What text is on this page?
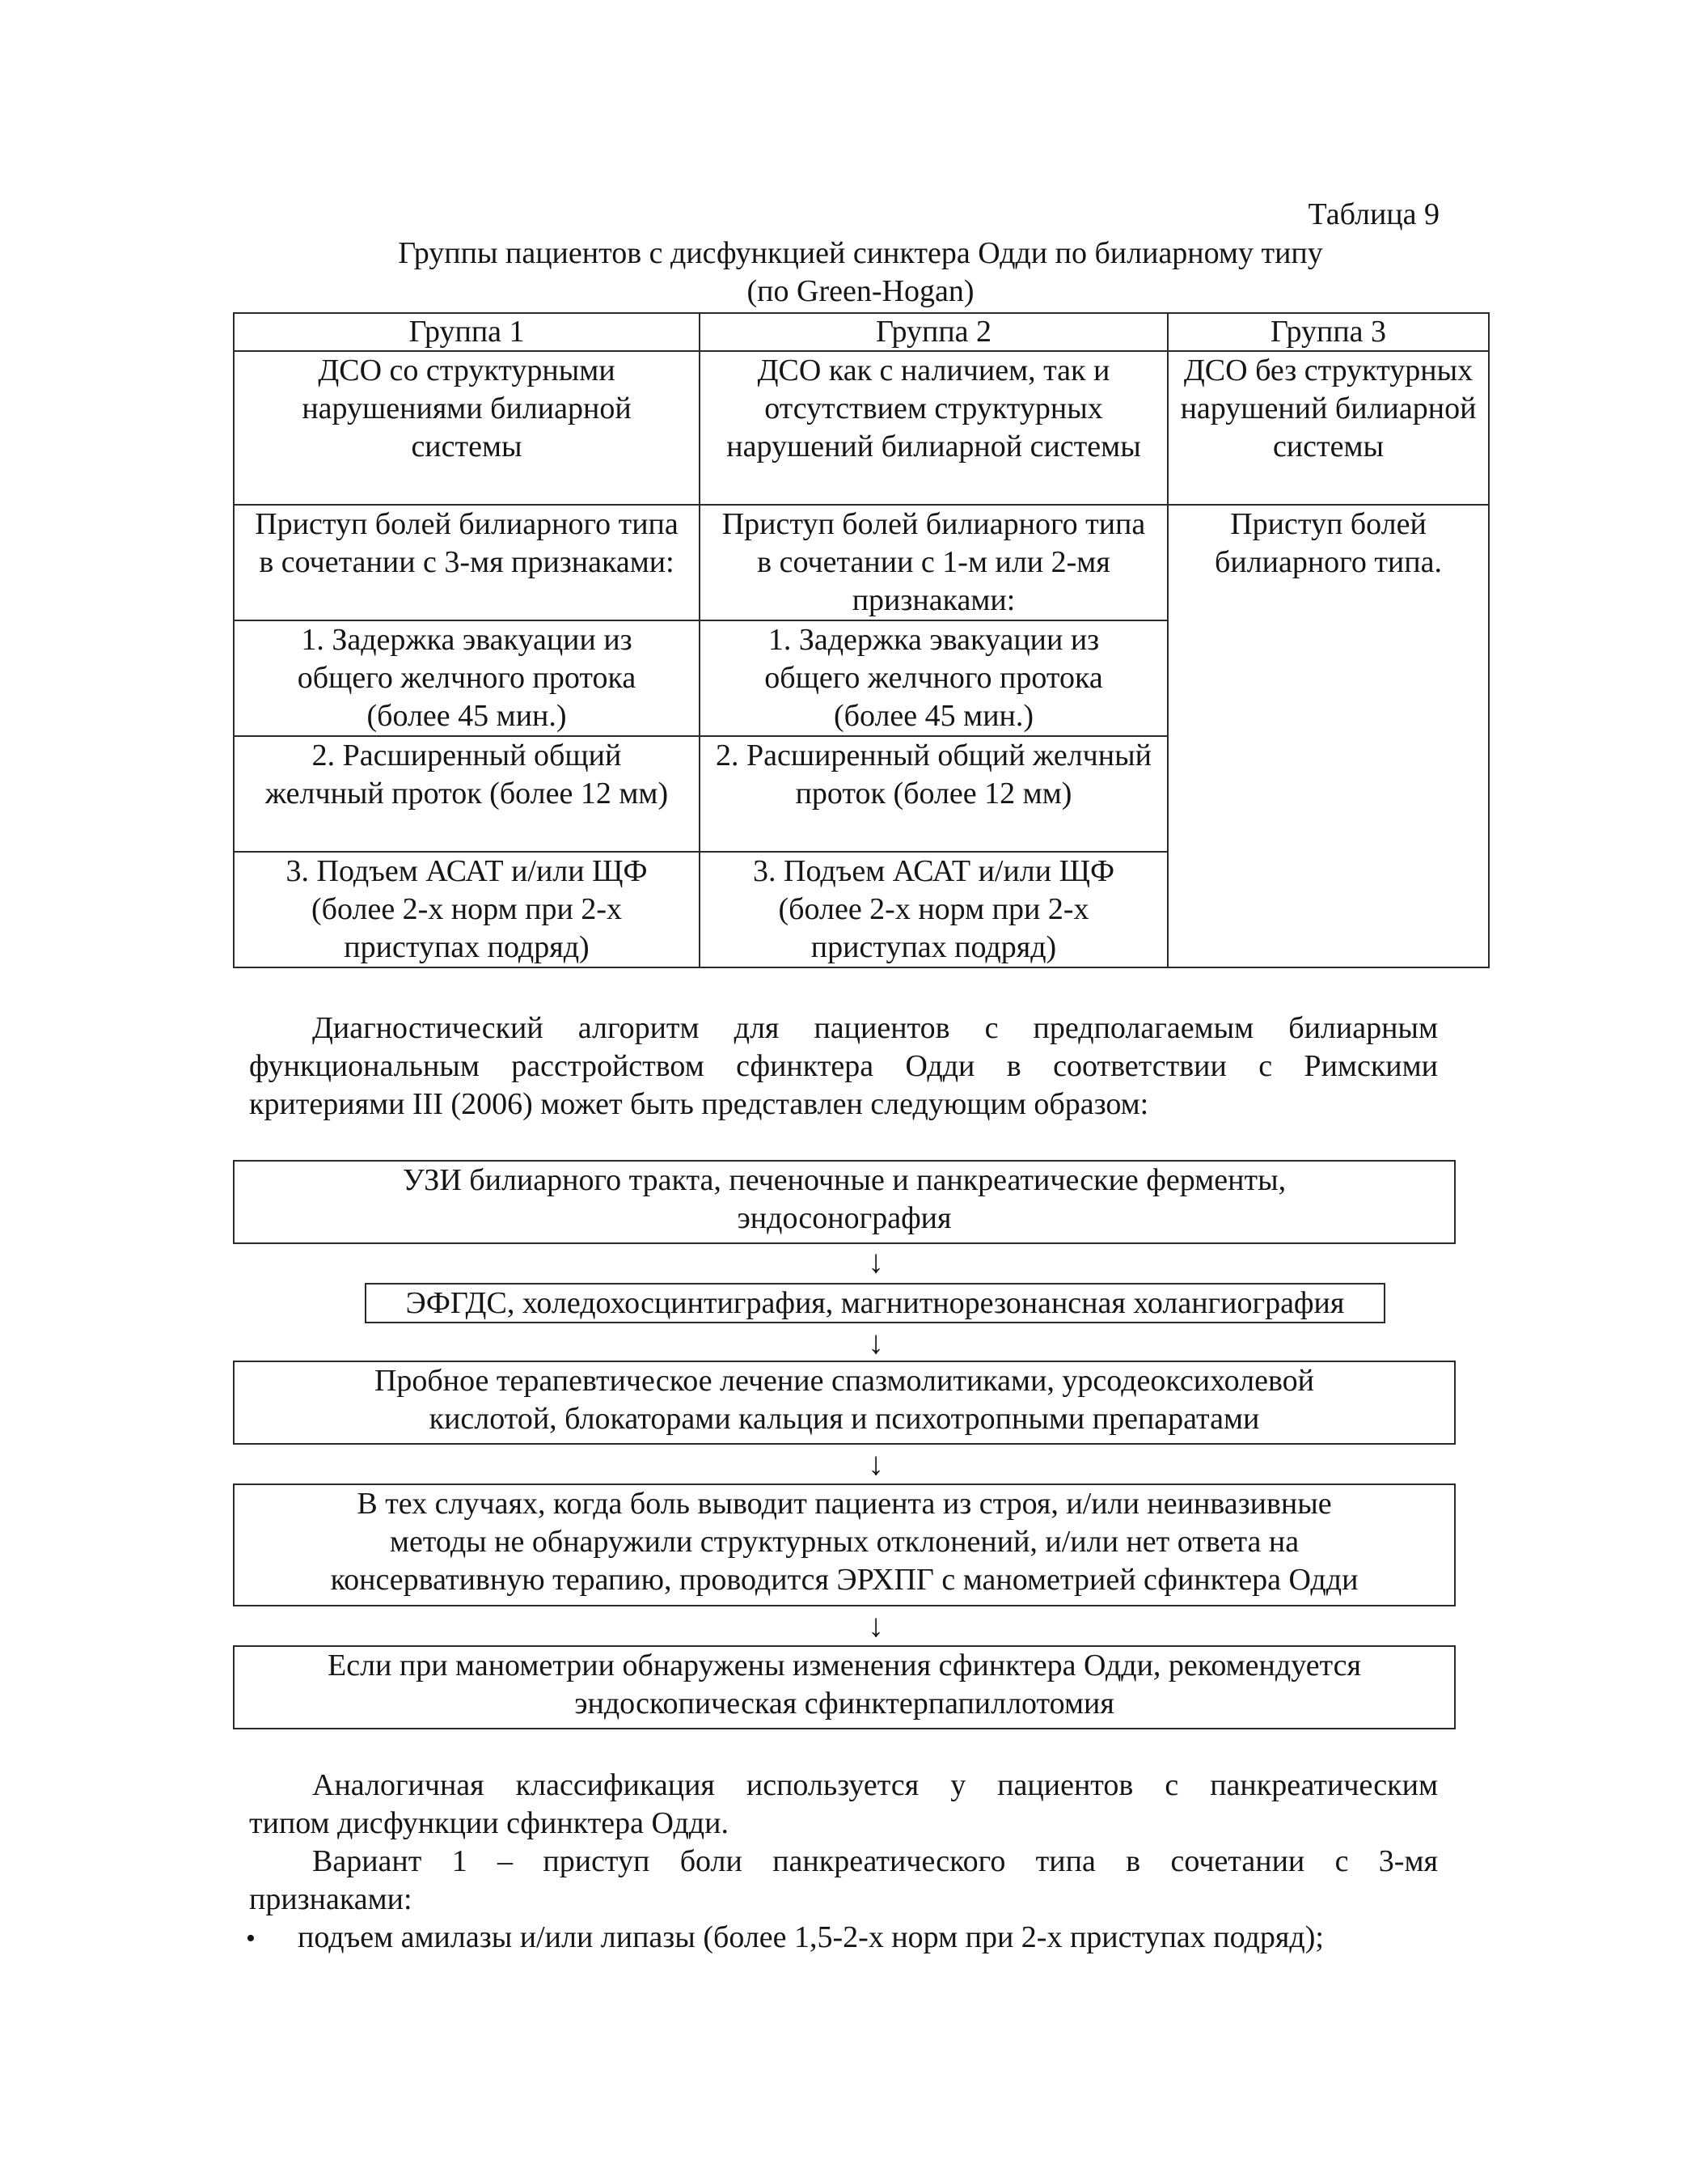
Таблица 9
Группы пациентов с дисфункцией синктера Одди по билиарному типу
(по Green-Hogan)
Группа 1	Группа 2	Группа 3
ДСО со структурными нарушениями билиарной системы	ДСО как с наличием, так и отсутствием структурных нарушений билиарной системы	ДСО без структурных нарушений билиарной системы
Приступ болей билиарного типа в сочетании с 3-мя признаками:	Приступ болей билиарного типа в сочетании с 1-м или 2-мя признаками:	Приступ болей билиарного типа.
1. Задержка эвакуации из общего желчного протока (более 45 мин.)	1. Задержка эвакуации из общего желчного протока (более 45 мин.)	
2. Расширенный общий желчный проток (более 12 мм)	2. Расширенный общий желчный проток (более 12 мм)	
3. Подъем АСАТ и/или ЩФ (более 2-х норм при 2-х приступах подряд)	3. Подъем АСАТ и/или ЩФ (более 2-х норм при 2-х приступах подряд)	
Диагностический алгоритм для пациентов с предполагаемым билиарным
функциональным расстройством сфинктера Одди в соответствии с Римскими
критериями III (2006) может быть представлен следующим образом:
УЗИ билиарного тракта, печеночные и панкреатические ферменты,
эндосонография
↓
ЭФГДС, холедохосцинтиграфия, магнитнорезонансная холангиография
↓
Пробное терапевтическое лечение спазмолитиками, урсодеоксихолевой
кислотой, блокаторами кальция и психотропными препаратами
↓
В тех случаях, когда боль выводит пациента из строя, и/или неинвазивные
методы не обнаружили структурных отклонений, и/или нет ответа на
консервативную терапию, проводится ЭРХПГ с манометрией сфинктера Одди
↓
Если при манометрии обнаружены изменения сфинктера Одди, рекомендуется
эндоскопическая сфинктерпапиллотомия
Аналогичная классификация используется у пациентов с панкреатическим
типом дисфункции сфинктера Одди.
Вариант 1 – приступ боли панкреатического типа в сочетании с 3-мя
признаками:
• подъем амилазы и/или липазы (более 1,5-2-х норм при 2-х приступах подряд);
